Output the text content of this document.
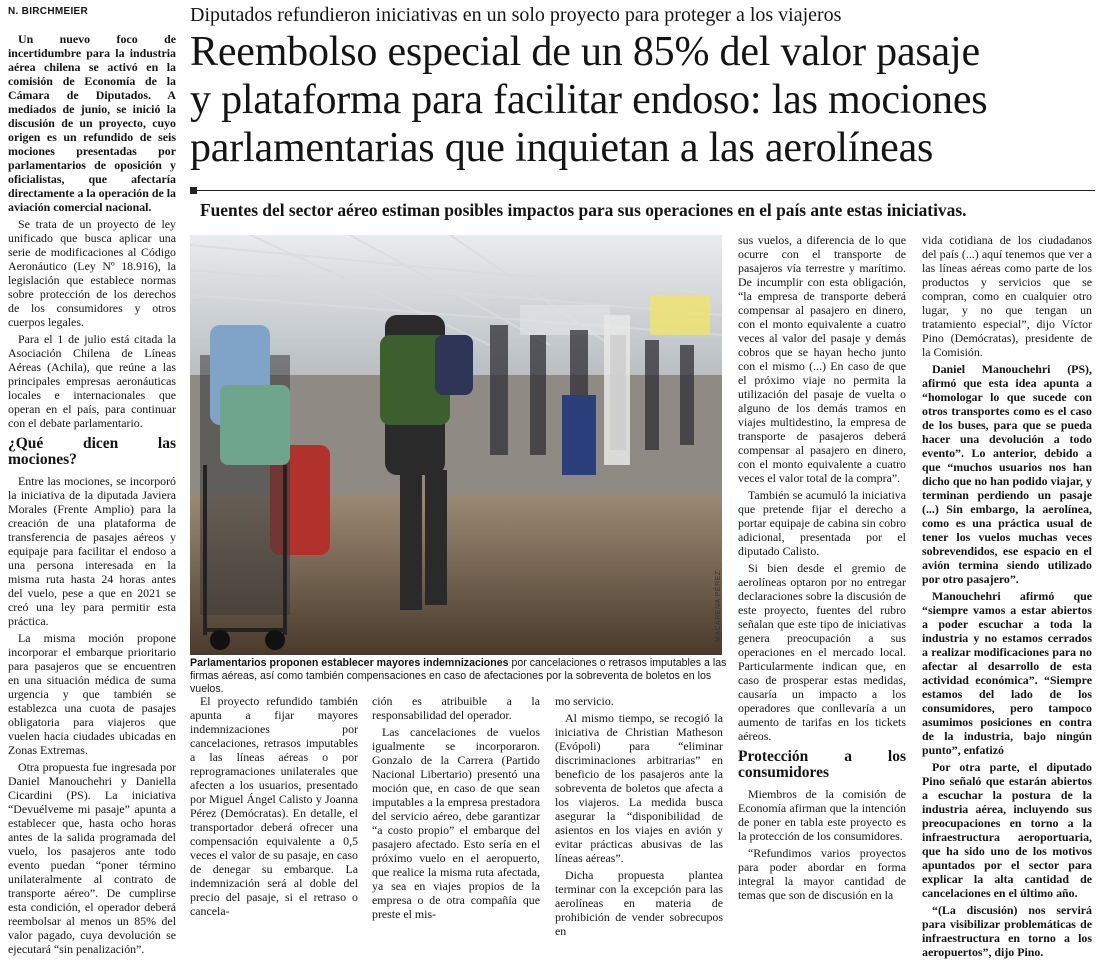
N. BIRCHMEIER	Diputados refundieron iniciativas en un solo proyecto para proteger a los viajeros
Reembolso especial de un 85% del valor pasaje
y plataforma para facilitar endoso: las mociones
parlamentarias que inquietan a las aerolíneas
Fuentes del sector aéreo estiman posibles impactos para sus operaciones en el país ante estas iniciativas.

Un nuevo foco de incertidumbre para la industria aérea chilena se activó en la comisión de Economía de la Cámara de Diputados. A mediados de junio, se inició la discusión de un proyecto, cuyo origen es un refundido de seis mociones presentadas por parlamentarios de oposición y oficialistas, que afectaría directamente a la operación de la aviación comercial nacional.

Se trata de un proyecto de ley unificado que busca aplicar una serie de modificaciones al Código Aeronáutico (Ley Nº 18.916), la legislación que establece normas sobre protección de los derechos de los consumidores y otros cuerpos legales.

Para el 1 de julio está citada la Asociación Chilena de Líneas Aéreas (Achila), que reúne a las principales empresas aeronáuticas locales e internacionales que operan en el país, para continuar con el debate parlamentario.

¿Qué dicen las mociones?

Entre las mociones, se incorporó la iniciativa de la diputada Javiera Morales (Frente Amplio) para la creación de una plataforma de transferencia de pasajes aéreos y equipaje para facilitar el endoso a una persona interesada en la misma ruta hasta 24 horas antes del vuelo, pese a que en 2021 se creó una ley para permitir esta práctica.

La misma moción propone incorporar el embarque prioritario para pasajeros que se encuentren en una situación médica de suma urgencia y que también se establezca una cuota de pasajes obligatoria para viajeros que vuelen hacia ciudades ubicadas en Zonas Extremas.

Otra propuesta fue ingresada por Daniel Manouchehri y Daniella Cicardini (PS). La iniciativa “Devuélveme mi pasaje” apunta a establecer que, hasta ocho horas antes de la salida programada del vuelo, los pasajeros ante todo evento puedan “poner término unilateralmente al contrato de transporte aéreo”. De cumplirse esta condición, el operador deberá reembolsar al menos un 85% del valor pagado, cuya devolución se ejecutará “sin penalización”.

MACARENA PÉREZ
Parlamentarios proponen establecer mayores indemnizaciones por cancelaciones o retrasos imputables a las firmas aéreas, así como también compensaciones en caso de afectaciones por la sobreventa de boletos en los vuelos.

El proyecto refundido también apunta a fijar mayores indemnizaciones por cancelaciones, retrasos imputables a las líneas aéreas o por reprogramaciones unilaterales que afecten a los usuarios, presentado por Miguel Ángel Calisto y Joanna Pérez (Demócratas). En detalle, el transportador deberá ofrecer una compensación equivalente a 0,5 veces el valor de su pasaje, en caso de denegar su embarque. La indemnización será al doble del precio del pasaje, si el retraso o cancela-

ción es atribuible a la responsabilidad del operador.

Las cancelaciones de vuelos igualmente se incorporaron. Gonzalo de la Carrera (Partido Nacional Libertario) presentó una moción que, en caso de que sean imputables a la empresa prestadora del servicio aéreo, debe garantizar “a costo propio” el embarque del pasajero afectado. Esto sería en el próximo vuelo en el aeropuerto, que realice la misma ruta afectada, ya sea en viajes propios de la empresa o de otra compañía que preste el mis-

mo servicio.

Al mismo tiempo, se recogió la iniciativa de Christian Matheson (Evópoli) para “eliminar discriminaciones arbitrarias” en beneficio de los pasajeros ante la sobreventa de boletos que afecta a los viajeros. La medida busca asegurar la “disponibilidad de asientos en los viajes en avión y evitar prácticas abusivas de las líneas aéreas”.

Dicha propuesta plantea terminar con la excepción para las aerolíneas en materia de prohibición de vender sobrecupos en

sus vuelos, a diferencia de lo que ocurre con el transporte de pasajeros vía terrestre y marítimo. De incumplir con esta obligación, “la empresa de transporte deberá compensar al pasajero en dinero, con el monto equivalente a cuatro veces al valor del pasaje y demás cobros que se hayan hecho junto con el mismo (...) En caso de que el próximo viaje no permita la utilización del pasaje de vuelta o alguno de los demás tramos en viajes multidestino, la empresa de transporte de pasajeros deberá compensar al pasajero en dinero, con el monto equivalente a cuatro veces el valor total de la compra”.

También se acumuló la iniciativa que pretende fijar el derecho a portar equipaje de cabina sin cobro adicional, presentada por el diputado Calisto.

Si bien desde el gremio de aerolíneas optaron por no entregar declaraciones sobre la discusión de este proyecto, fuentes del rubro señalan que este tipo de iniciativas genera preocupación a sus operaciones en el mercado local. Particularmente indican que, en caso de prosperar estas medidas, causaría un impacto a los operadores que conllevaría a un aumento de tarifas en los tickets aéreos.

Protección a los consumidores

Miembros de la comisión de Economía afirman que la intención de poner en tabla este proyecto es la protección de los consumidores.

“Refundimos varios proyectos para poder abordar en forma integral la mayor cantidad de temas que son de discusión en la

vida cotidiana de los ciudadanos del país (...) aquí tenemos que ver a las líneas aéreas como parte de los productos y servicios que se compran, como en cualquier otro lugar, y no que tengan un tratamiento especial”, dijo Víctor Pino (Demócratas), presidente de la Comisión.

Daniel Manouchehri (PS), afirmó que esta idea apunta a “homologar lo que sucede con otros transportes como es el caso de los buses, para que se pueda hacer una devolución a todo evento”. Lo anterior, debido a que “muchos usuarios nos han dicho que no han podido viajar, y terminan perdiendo un pasaje (...) Sin embargo, la aerolínea, como es una práctica usual de tener los vuelos muchas veces sobrevendidos, ese espacio en el avión termina siendo utilizado por otro pasajero”.

Manouchehri afirmó que “siempre vamos a estar abiertos a poder escuchar a toda la industria y no estamos cerrados a realizar modificaciones para no afectar al desarrollo de esta actividad económica”. “Siempre estamos del lado de los consumidores, pero tampoco asumimos posiciones en contra de la industria, bajo ningún punto”, enfatizó

Por otra parte, el diputado Pino señaló que estarán abiertos a escuchar la postura de la industria aérea, incluyendo sus preocupaciones en torno a la infraestructura aeroportuaria, que ha sido uno de los motivos apuntados por el sector para explicar la alta cantidad de cancelaciones en el último año.

“(La discusión) nos servirá para visibilizar problemáticas de infraestructura en torno a los aeropuertos”, dijo Pino.
